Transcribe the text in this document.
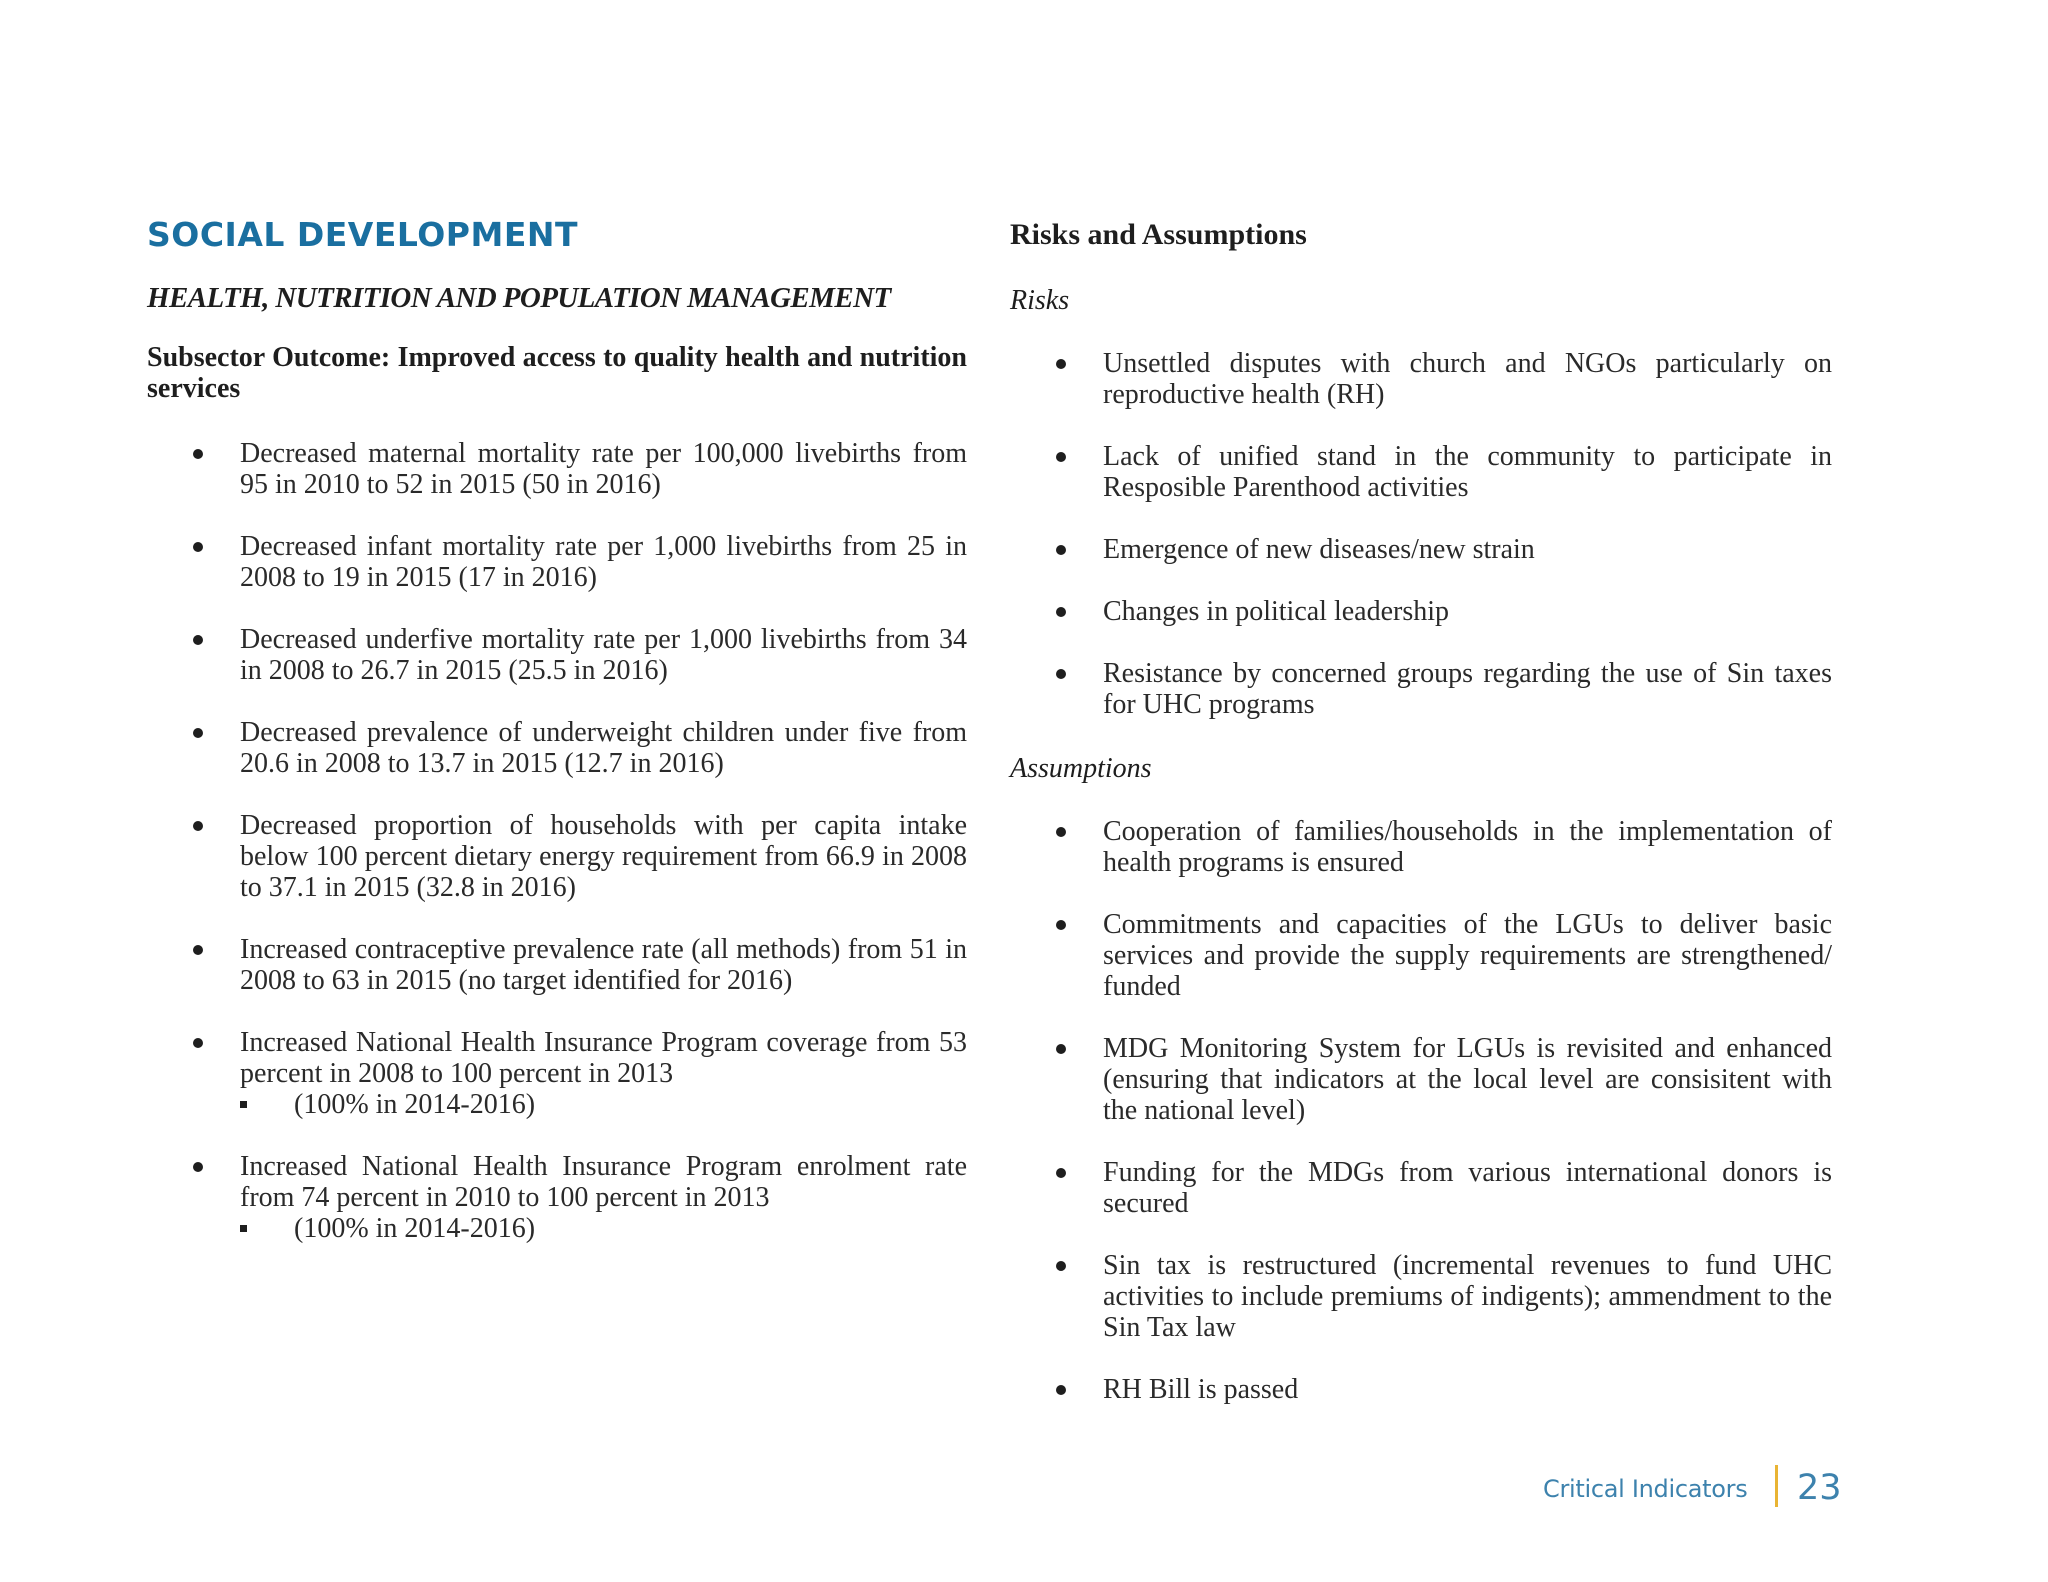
SOCIAL DEVELOPMENT
HEALTH, NUTRITION AND POPULATION MANAGEMENT

Subsector Outcome: Improved access to quality health and nutrition services

Decreased maternal mortality rate per 100,000 livebirths from 95 in 2010 to 52 in 2015 (50 in 2016)
Decreased infant mortality rate per 1,000 livebirths from 25 in 2008 to 19 in 2015 (17 in 2016)
Decreased underfive mortality rate per 1,000 livebirths from 34 in 2008 to 26.7 in 2015 (25.5 in 2016)
Decreased prevalence of underweight children under five from 20.6 in 2008 to 13.7 in 2015 (12.7 in 2016)
Decreased proportion of households with per capita intake below 100 percent dietary energy requirement from 66.9 in 2008 to 37.1 in 2015 (32.8 in 2016)
Increased contraceptive prevalence rate (all methods) from 51 in 2008 to 63 in 2015 (no target identified for 2016)
Increased National Health Insurance Program coverage from 53 percent in 2008 to 100 percent in 2013
(100% in 2014-2016)
Increased National Health Insurance Program enrolment rate from 74 percent in 2010 to 100 percent in 2013
(100% in 2014-2016)
Risks and Assumptions

Risks

Unsettled disputes with church and NGOs particularly on reproductive health (RH)
Lack of unified stand in the community to participate in Resposible Parenthood activities
Emergence of new diseases/new strain
Changes in political leadership
Resistance by concerned groups regarding the use of Sin taxes for UHC programs

Assumptions

Cooperation of families/households in the implementation of health programs is ensured
Commitments and capacities of the LGUs to deliver basic services and provide the supply requirements are strengthened/ funded
MDG Monitoring System for LGUs is revisited and enhanced (ensuring that indicators at the local level are consisitent with the national level)
Funding for the MDGs from various international donors is secured
Sin tax is restructured (incremental revenues to fund UHC activities to include premiums of indigents); ammendment to the Sin Tax law
RH Bill is passed

Critical Indicators 23
